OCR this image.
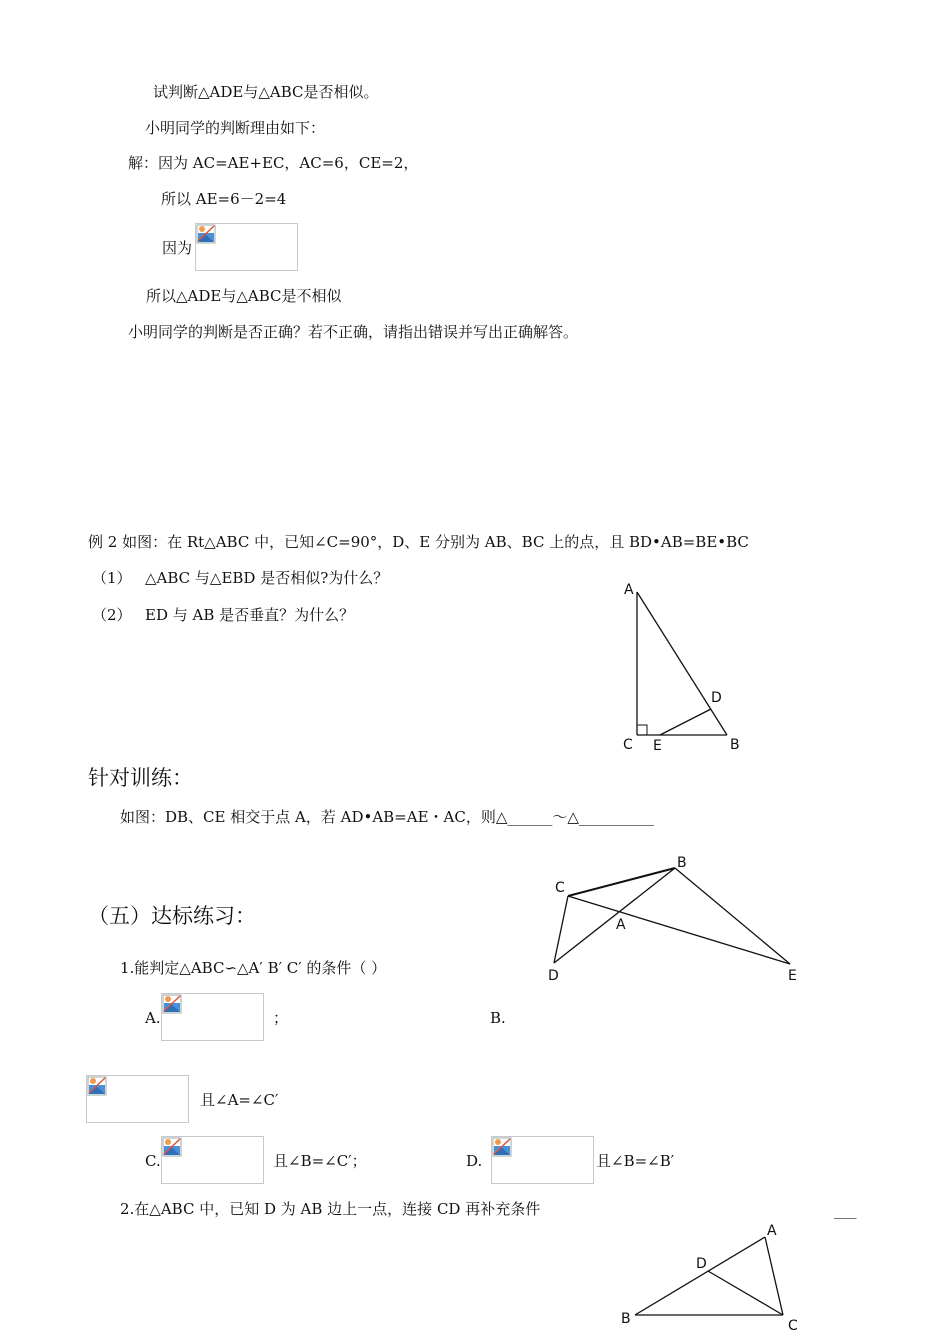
试判断△ADE与△ABC是否相似。
小明同学的判断理由如下：
解：因为 AC=AE+EC，AC=6，CE=2，
所以 AE=6－2=4
因为
所以△ADE与△ABC是不相似
小明同学的判断是否正确？若不正确，请指出错误并写出正确解答。
例 2 如图：在 Rt△ABC 中，已知∠C=90°，D、E 分别为 AB、BC 上的点，且 BD•AB=BE•BC
（1） △ABC 与△EBD 是否相似?为什么？
（2） ED 与 AB 是否垂直？为什么？
A
D
C E	B
针对训练：
如图：DB、CE 相交于点 A，若 AD•AB=AE・AC，则△______～△__________
B
C
A
D	E
（五）达标练习：
1.能判定△ABC∽△A′ B′ C′ 的条件（ ）
A.	；	B.
且∠A=∠C′
C.	且∠B=∠C′；	D.	且∠B=∠B′
2.在△ABC 中，已知 D 为 AB 边上一点，连接 CD 再补充条件	___
A
D
B	C
